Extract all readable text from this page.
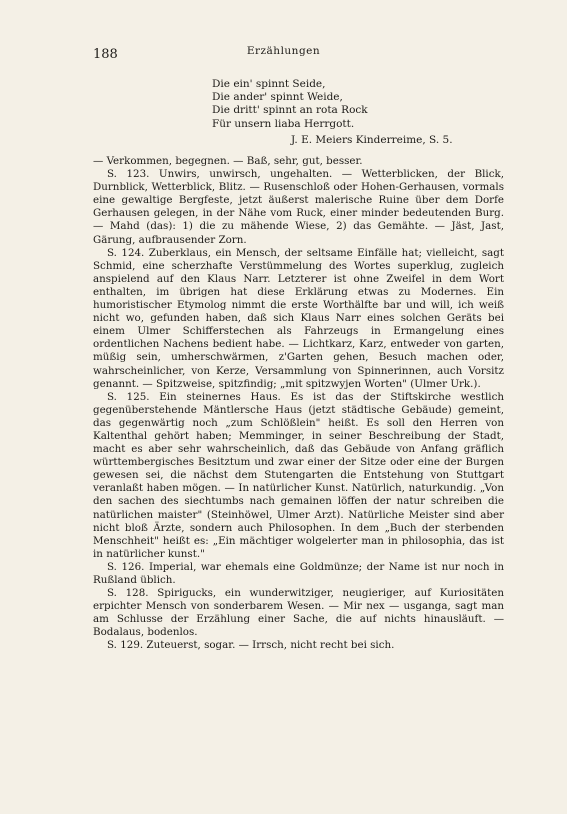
188	Erzählungen
Die ein' spinnt Seide,
Die ander' spinnt Weide,
Die dritt' spinnt an rota Rock
Für unsern liaba Herrgott.
J. E. Meiers Kinderreime, S. 5.

— Verkommen, begegnen. — Baß, sehr, gut, besser.

S. 123. Unwirs, unwirsch, ungehalten. — Wetterblicken, der Blick, Durnblick, Wetterblick, Blitz. — Rusenschloß oder Hohen-Gerhausen, vormals eine gewaltige Bergfeste, jetzt äußerst malerische Ruine über dem Dorfe Gerhausen gelegen, in der Nähe vom Ruck, einer minder bedeutenden Burg. — Mahd (das): 1) die zu mähende Wiese, 2) das Gemähte. — Jäst, Jast, Gärung, aufbrausender Zorn.

S. 124. Zuberklaus, ein Mensch, der seltsame Einfälle hat; vielleicht, sagt Schmid, eine scherzhafte Verstümmelung des Wortes superklug, zugleich anspielend auf den Klaus Narr. Letzterer ist ohne Zweifel in dem Wort enthalten, im übrigen hat diese Erklärung etwas zu Modernes. Ein humoristischer Etymolog nimmt die erste Worthälfte bar und will, ich weiß nicht wo, gefunden haben, daß sich Klaus Narr eines solchen Geräts bei einem Ulmer Schifferstechen als Fahrzeugs in Ermangelung eines ordentlichen Nachens bedient habe. — Lichtkarz, Karz, entweder von garten, müßig sein, umherschwärmen, z'Garten gehen, Besuch machen oder, wahrscheinlicher, von Kerze, Versammlung von Spinnerinnen, auch Vorsitz genannt. — Spitzweise, spitzfindig; „mit spitzwyjen Worten" (Ulmer Urk.).

S. 125. Ein steinernes Haus. Es ist das der Stiftskirche westlich gegenüberstehende Mäntlersche Haus (jetzt städtische Gebäude) gemeint, das gegenwärtig noch „zum Schlößlein" heißt. Es soll den Herren von Kaltenthal gehört haben; Memminger, in seiner Beschreibung der Stadt, macht es aber sehr wahrscheinlich, daß das Gebäude von Anfang gräflich württembergisches Besitztum und zwar einer der Sitze oder eine der Burgen gewesen sei, die nächst dem Stutengarten die Entstehung von Stuttgart veranlaßt haben mögen. — In natürlicher Kunst. Natürlich, naturkundig. „Von den sachen des siechtumbs nach gemainen löffen der natur schreiben die natürlichen maister" (Steinhöwel, Ulmer Arzt). Natürliche Meister sind aber nicht bloß Ärzte, sondern auch Philosophen. In dem „Buch der sterbenden Menschheit" heißt es: „Ein mächtiger wolgelerter man in philosophia, das ist in natürlicher kunst."

S. 126. Imperial, war ehemals eine Goldmünze; der Name ist nur noch in Rußland üblich.

S. 128. Spirigucks, ein wunderwitziger, neugieriger, auf Kuriositäten erpichter Mensch von sonderbarem Wesen. — Mir nex — usganga, sagt man am Schlusse der Erzählung einer Sache, die auf nichts hinausläuft. — Bodalaus, bodenlos.

S. 129. Zuteuerst, sogar. — Irrsch, nicht recht bei sich.
